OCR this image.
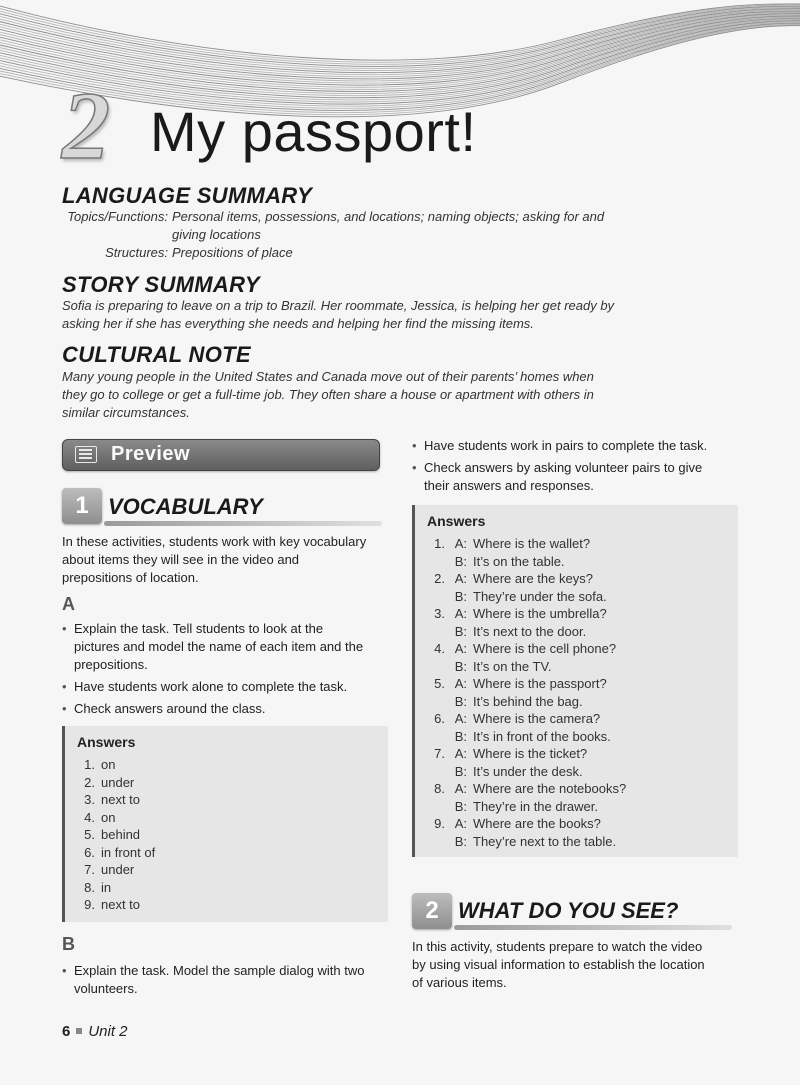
2 My passport!
LANGUAGE SUMMARY
Topics/Functions: Personal items, possessions, and locations; naming objects; asking for and
giving locations
Structures: Prepositions of place
STORY SUMMARY
Sofia is preparing to leave on a trip to Brazil. Her roommate, Jessica, is helping her get ready by
asking her if she has everything she needs and helping her find the missing items.
CULTURAL NOTE
Many young people in the United States and Canada move out of their parents’ homes when
they go to college or get a full-time job. They often share a house or apartment with others in
similar circumstances.
Preview
1 VOCABULARY
In these activities, students work with key vocabulary
about items they will see in the video and
prepositions of location.
A
• Explain the task. Tell students to look at the
pictures and model the name of each item and the
prepositions.
• Have students work alone to complete the task.
• Check answers around the class.
Answers
1. on
2. under
3. next to
4. on
5. behind
6. in front of
7. under
8. in
9. next to
B
• Explain the task. Model the sample dialog with two
volunteers.
• Have students work in pairs to complete the task.
• Check answers by asking volunteer pairs to give
their answers and responses.
Answers
1. A: Where is the wallet?
B: It’s on the table.
2. A: Where are the keys?
B: They’re under the sofa.
3. A: Where is the umbrella?
B: It’s next to the door.
4. A: Where is the cell phone?
B: It’s on the TV.
5. A: Where is the passport?
B: It’s behind the bag.
6. A: Where is the camera?
B: It’s in front of the books.
7. A: Where is the ticket?
B: It’s under the desk.
8. A: Where are the notebooks?
B: They’re in the drawer.
9. A: Where are the books?
B: They’re next to the table.
2 WHAT DO YOU SEE?
In this activity, students prepare to watch the video
by using visual information to establish the location
of various items.
6 Unit 2
